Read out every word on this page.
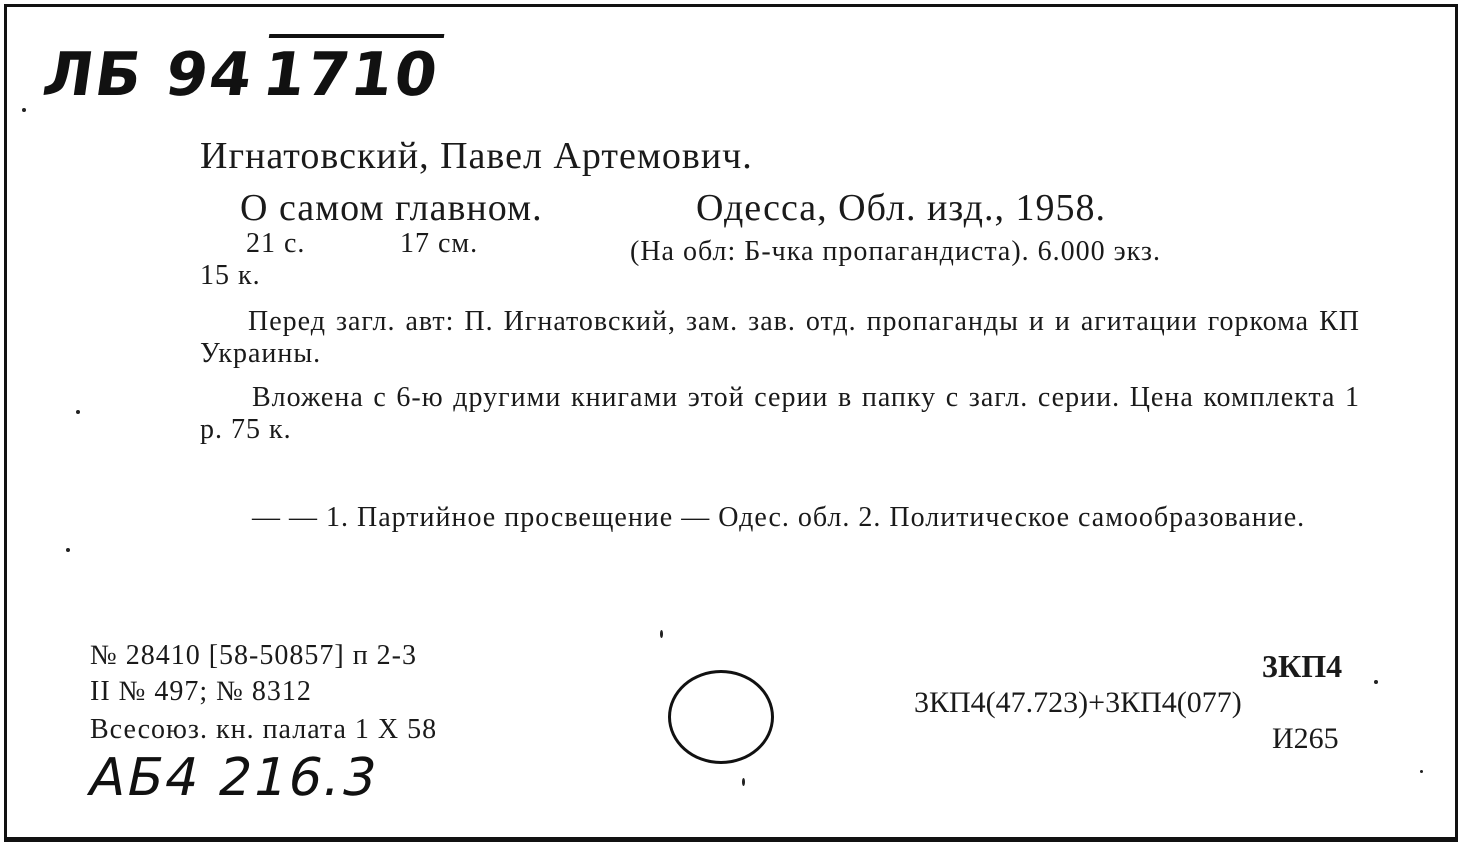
ЛБ 941710
Игнатовский, Павел Артемович.
О самом главном.	Одесса, Обл. изд., 1958.
21 с.	17 см.	(На обл: Б-чка пропагандиста). 6.000 экз.
15 к.
Перед загл. авт: П. Игнатовский, зам. зав. отд. пропаганды и и агитации горкома КП Украины.
Вложена с 6-ю другими книгами этой серии в папку с загл. серии. Цена комплекта 1 р. 75 к.
— — 1. Партийное просвещение — Одес. обл. 2. Политическое самообразование.
№ 28410 [58-50857] п 2-3
II № 497; № 8312
Всесоюз. кн. палата 1 X 58
3КП4
3КП4(47.723)+3КП4(077)
И265
АБ4 216.3
